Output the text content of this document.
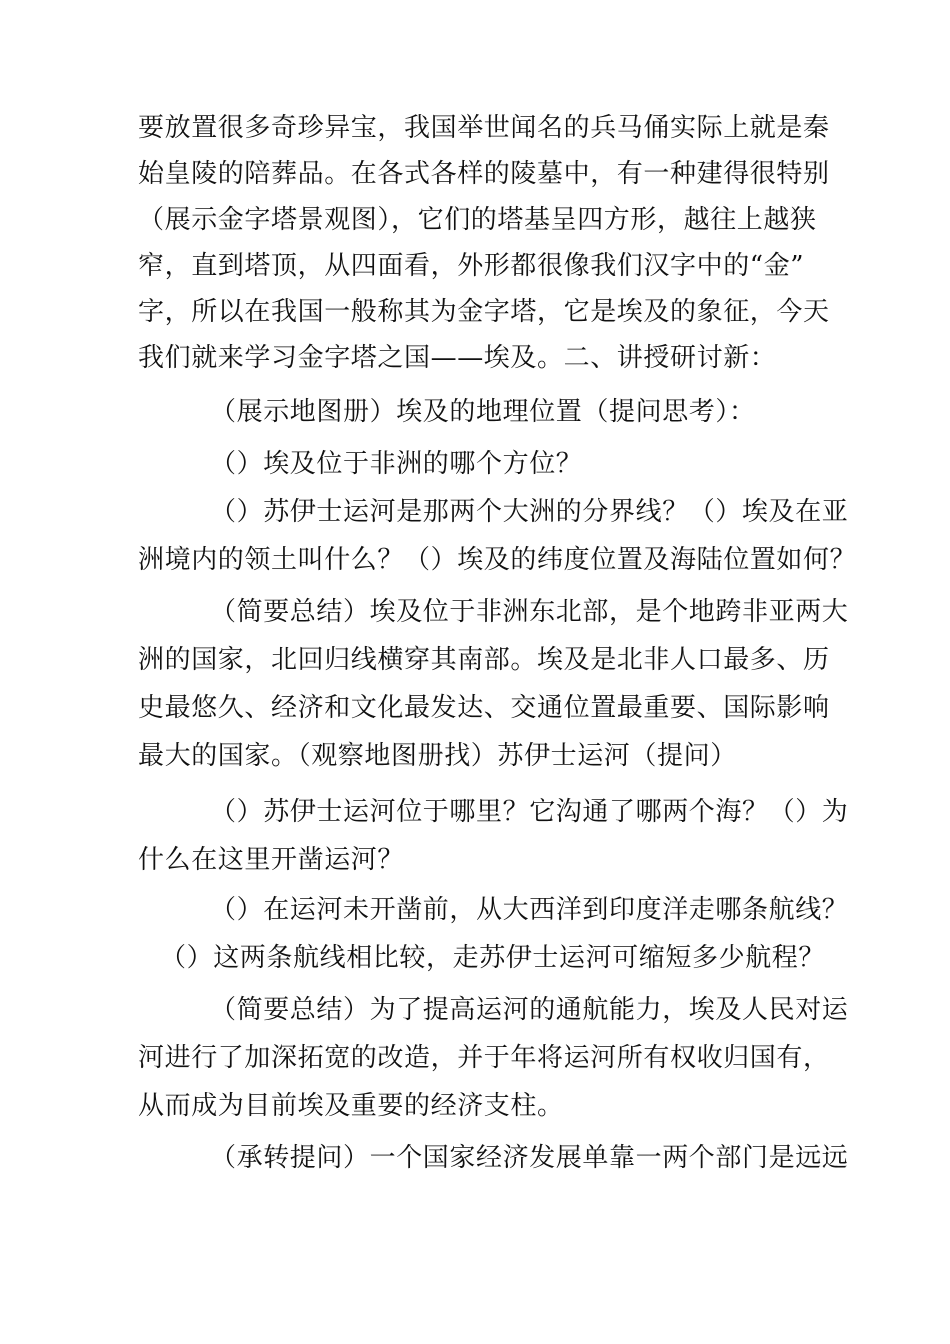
要放置很多奇珍异宝，我国举世闻名的兵马俑实际上就是秦
始皇陵的陪葬品。在各式各样的陵墓中，有一种建得很特别
（展示金字塔景观图），它们的塔基呈四方形，越往上越狭
窄，直到塔顶，从四面看，外形都很像我们汉字中的“金”
字，所以在我国一般称其为金字塔，它是埃及的象征，今天
我们就来学习金字塔之国——埃及。二、讲授研讨新：
（展示地图册）埃及的地理位置（提问思考）：
（）埃及位于非洲的哪个方位？
（）苏伊士运河是那两个大洲的分界线？（）埃及在亚
洲境内的领土叫什么？（）埃及的纬度位置及海陆位置如何？
（简要总结）埃及位于非洲东北部，是个地跨非亚两大
洲的国家，北回归线横穿其南部。埃及是北非人口最多、历
史最悠久、经济和文化最发达、交通位置最重要、国际影响
最大的国家。（观察地图册找）苏伊士运河（提问）
（）苏伊士运河位于哪里？它沟通了哪两个海？（）为
什么在这里开凿运河？
（）在运河未开凿前，从大西洋到印度洋走哪条航线？
（）这两条航线相比较，走苏伊士运河可缩短多少航程？
（简要总结）为了提高运河的通航能力，埃及人民对运
河进行了加深拓宽的改造，并于年将运河所有权收归国有，
从而成为目前埃及重要的经济支柱。
（承转提问）一个国家经济发展单靠一两个部门是远远
